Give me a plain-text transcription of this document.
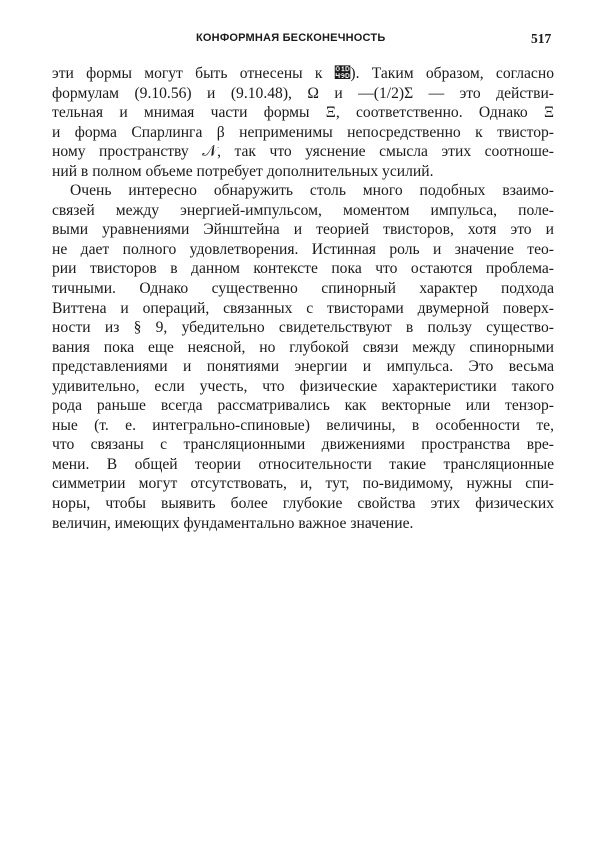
КОНФОРМНАЯ БЕСКОНЕЧНОСТЬ	517
эти формы могут быть отнесены к 𝒝). Таким образом, согласно
формулам (9.10.56) и (9.10.48), Ω и —(1/2)Σ — это действи-
тельная и мнимая части формы Ξ, соответственно. Однако Ξ
и форма Спарлинга β неприменимы непосредственно к твистор-
ному пространству 𝒩, так что уяснение смысла этих соотноше-
ний в полном объеме потребует дополнительных усилий.
Очень интересно обнаружить столь много подобных взаимо-
связей между энергией-импульсом, моментом импульса, поле-
выми уравнениями Эйнштейна и теорией твисторов, хотя это и
не дает полного удовлетворения. Истинная роль и значение тео-
рии твисторов в данном контексте пока что остаются проблема-
тичными. Однако существенно спинорный характер подхода
Виттена и операций, связанных с твисторами двумерной поверх-
ности из § 9, убедительно свидетельствуют в пользу существо-
вания пока еще неясной, но глубокой связи между спинорными
представлениями и понятиями энергии и импульса. Это весьма
удивительно, если учесть, что физические характеристики такого
рода раньше всегда рассматривались как векторные или тензор-
ные (т. е. интегрально-спиновые) величины, в особенности те,
что связаны с трансляционными движениями пространства вре-
мени. В общей теории относительности такие трансляционные
симметрии могут отсутствовать, и, тут, по-видимому, нужны спи-
норы, чтобы выявить более глубокие свойства этих физических
величин, имеющих фундаментально важное значение.
